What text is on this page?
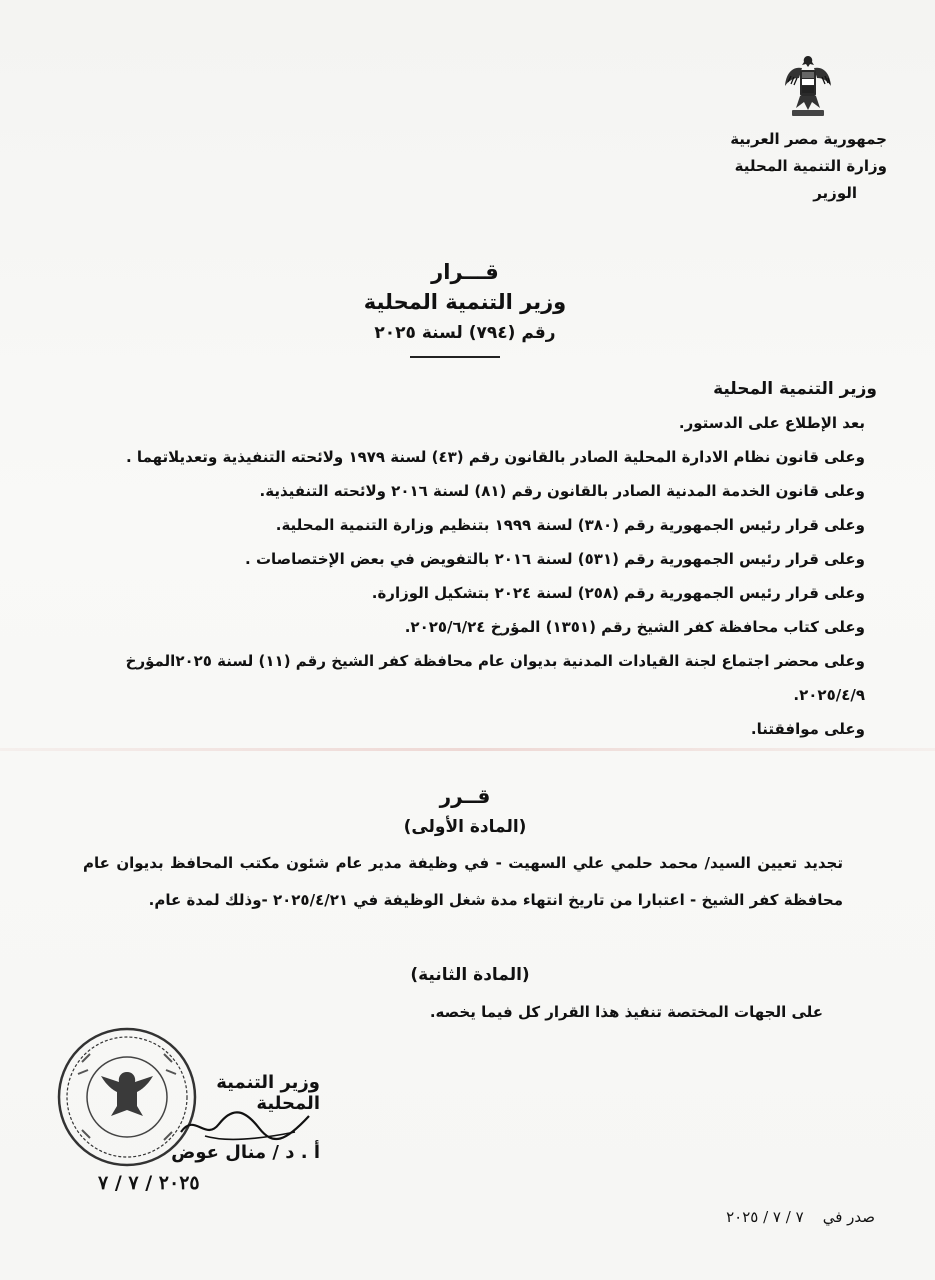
جمهورية مصر العربية
وزارة التنمية المحلية
الوزير
قـــرار
وزير التنمية المحلية
رقم (٧٩٤) لسنة ٢٠٢٥
وزير التنمية المحلية

بعد الإطلاع على الدستور.

وعلى قانون نظام الادارة المحلية الصادر بالقانون رقم (٤٣) لسنة ١٩٧٩ ولائحته التنفيذية وتعديلاتهما .

وعلى قانون الخدمة المدنية الصادر بالقانون رقم (٨١) لسنة ٢٠١٦ ولائحته التنفيذية.

وعلى قرار رئيس الجمهورية رقم (٣٨٠) لسنة ١٩٩٩ بتنظيم وزارة التنمية المحلية.

وعلى قرار رئيس الجمهورية رقم (٥٣١) لسنة ٢٠١٦ بالتفويض في بعض الإختصاصات .

وعلى قرار رئيس الجمهورية رقم (٢٥٨) لسنة ٢٠٢٤ بتشكيل الوزارة.

وعلى كتاب محافظة كفر الشيخ رقم (١٣٥١) المؤرخ ٢٠٢٥/٦/٢٤.

وعلى محضر اجتماع لجنة القيادات المدنية بديوان عام محافظة كفر الشيخ رقم (١١) لسنة ٢٠٢٥المؤرخ ٢٠٢٥/٤/٩.

وعلى موافقتنا.

قــرر
(المادة الأولى)
تجديد تعيين السيد/ محمد حلمي علي السهيت - في وظيفة مدير عام شئون مكتب المحافظ بديوان عام محافظة كفر الشيخ - اعتبارا من تاريخ انتهاء مدة شغل الوظيفة في ٢٠٢٥/٤/٢١ -وذلك لمدة عام.
(المادة الثانية)
على الجهات المختصة تنفيذ هذا القرار كل فيما يخصه.
وزير التنمية المحلية
أ . د / منال عوض
٢٠٢٥ / ٧ / ٧
صدر في    ٧ / ٧ / ٢٠٢٥
